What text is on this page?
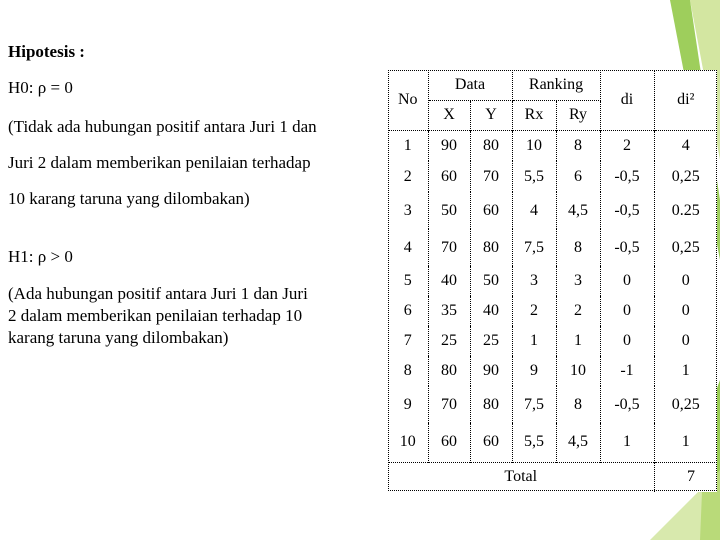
Hipotesis :
H0: ρ = 0
(Tidak ada hubungan positif antara Juri 1 dan
Juri 2 dalam memberikan penilaian terhadap
10 karang taruna yang dilombakan)
H1: ρ > 0
(Ada hubungan positif antara Juri 1 dan Juri
2 dalam memberikan penilaian terhadap 10
karang taruna yang dilombakan)
No	Data		Ranking		di	di²
	X	Y	Rx	Ry		
1	90	80	10	8	2	4
2	60	70	5,5	6	-0,5	0,25
3	50	60	4	4,5	-0,5	0.25
4	70	80	7,5	8	-0,5	0,25
5	40	50	3	3	0	0
6	35	40	2	2	0	0
7	25	25	1	1	0	0
8	80	90	9	10	-1	1
9	70	80	7,5	8	-0,5	0,25
10	60	60	5,5	4,5	1	1
Total						7
